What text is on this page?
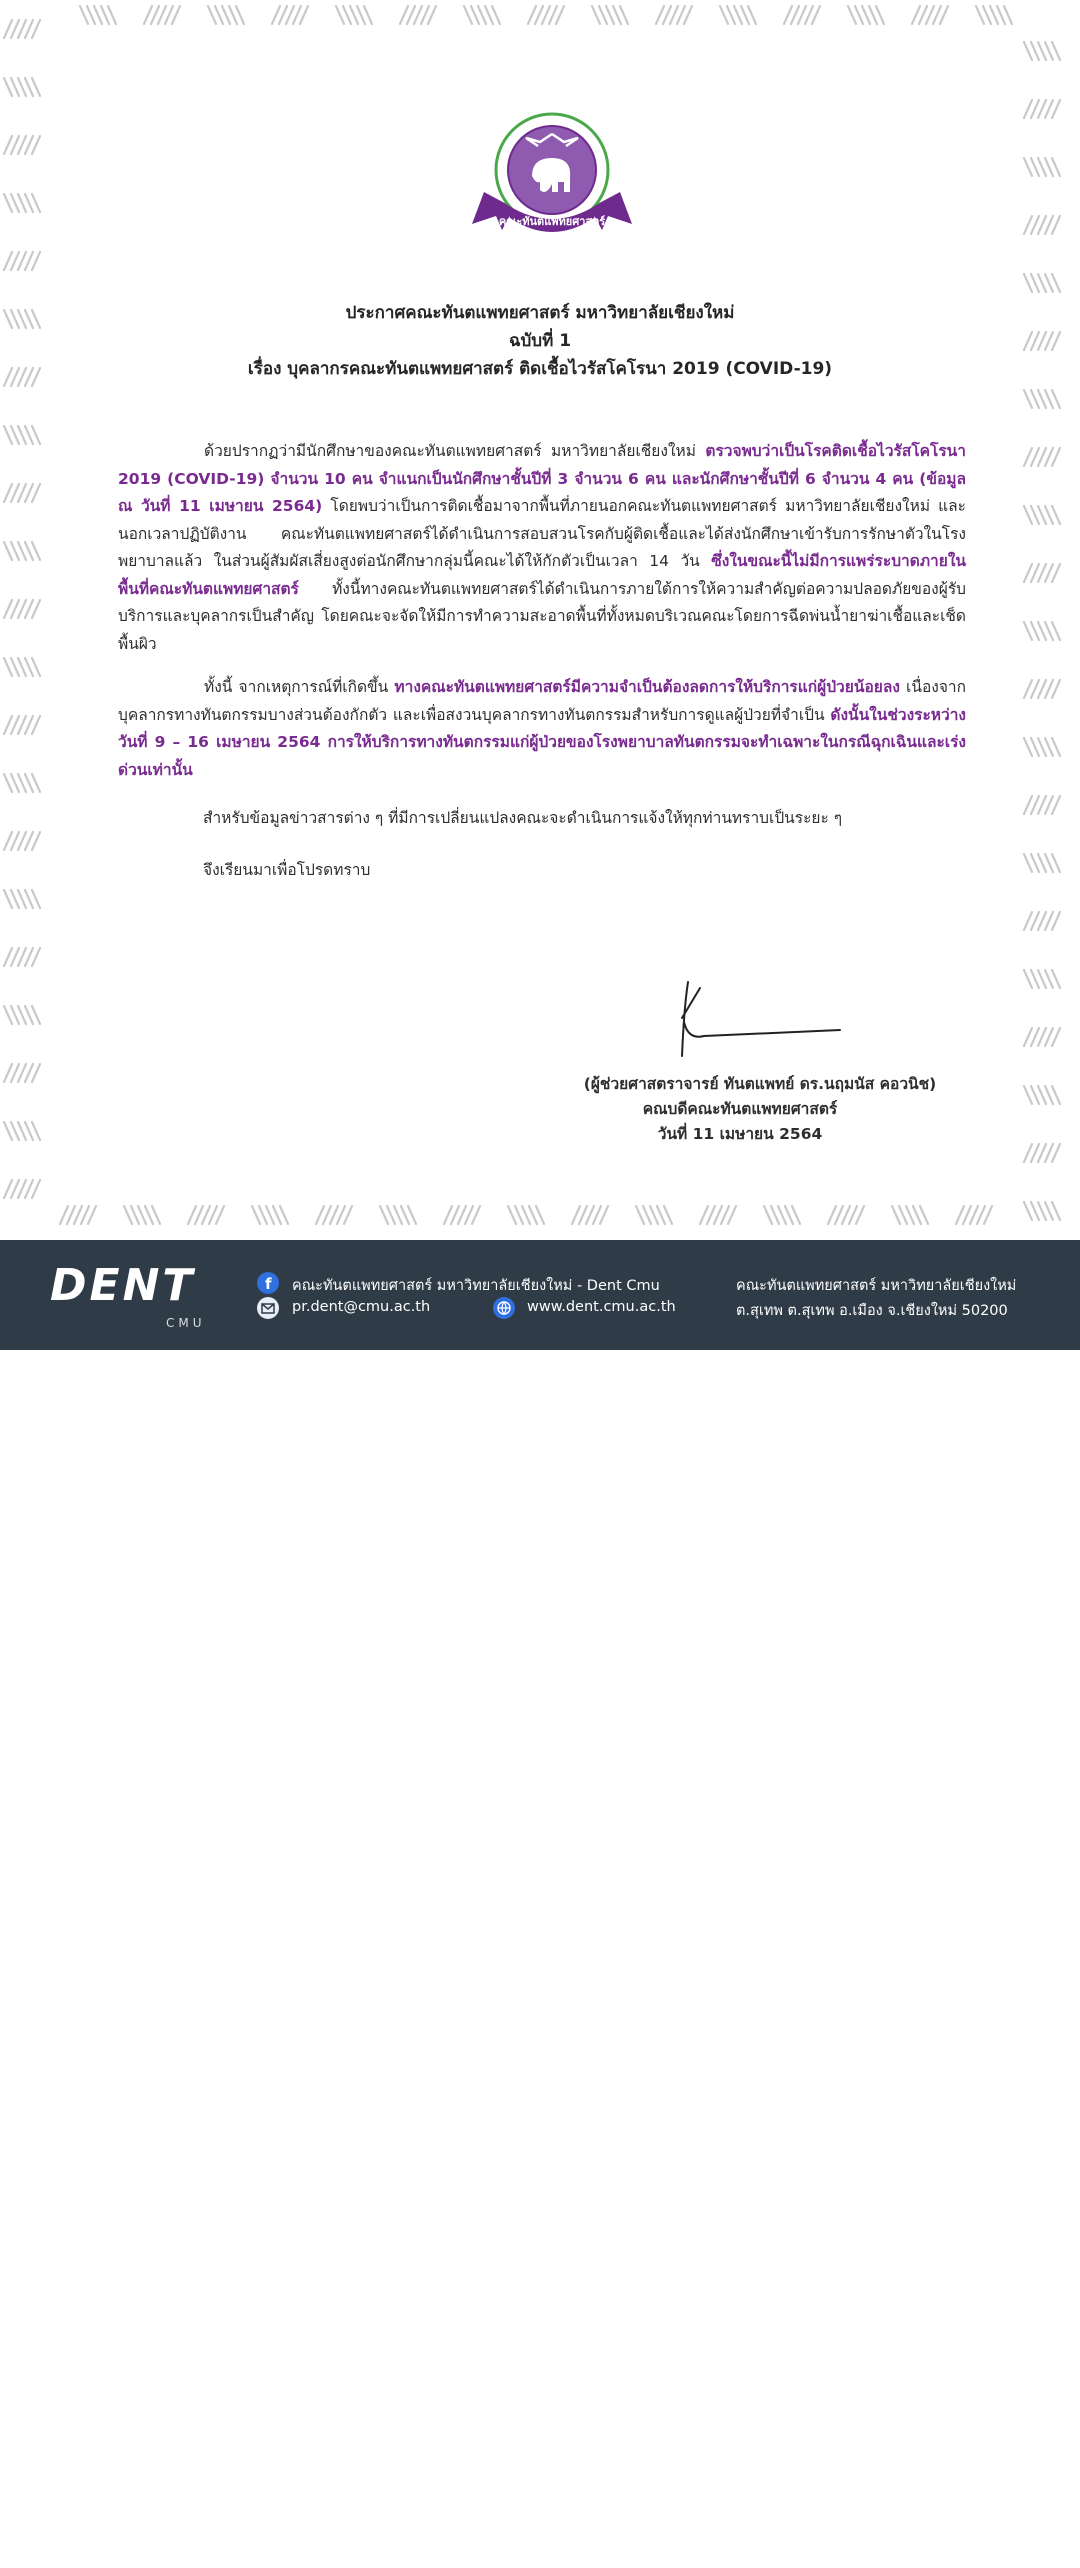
คณะทันตแพทยศาสตร์
ประกาศคณะทันตแพทยศาสตร์ มหาวิทยาลัยเชียงใหม่
ฉบับที่ 1
เรื่อง บุคลากรคณะทันตแพทยศาสตร์ ติดเชื้อไวรัสโคโรนา 2019 (COVID-19)
ด้วยปรากฏว่ามีนักศึกษาของคณะทันตแพทยศาสตร์ มหาวิทยาลัยเชียงใหม่ ตรวจพบว่าเป็นโรคติดเชื้อไวรัสโคโรนา 2019 (COVID-19) จำนวน 10 คน จำแนกเป็นนักศึกษาชั้นปีที่ 3 จำนวน 6 คน และนักศึกษาชั้นปีที่ 6 จำนวน 4 คน (ข้อมูล ณ วันที่ 11 เมษายน 2564) โดยพบว่าเป็นการติดเชื้อมาจากพื้นที่ภายนอกคณะทันตแพทยศาสตร์ มหาวิทยาลัยเชียงใหม่ และนอกเวลาปฏิบัติงาน คณะทันตแพทยศาสตร์ได้ดำเนินการสอบสวนโรคกับผู้ติดเชื้อและได้ส่งนักศึกษาเข้ารับการรักษาตัวในโรงพยาบาลแล้ว ในส่วนผู้สัมผัสเสี่ยงสูงต่อนักศึกษากลุ่มนี้คณะได้ให้กักตัวเป็นเวลา 14 วัน ซึ่งในขณะนี้ไม่มีการแพร่ระบาดภายในพื้นที่คณะทันตแพทยศาสตร์ ทั้งนี้ทางคณะทันตแพทยศาสตร์ได้ดำเนินการภายใต้การให้ความสำคัญต่อความปลอดภัยของผู้รับบริการและบุคลากรเป็นสำคัญ โดยคณะจะจัดให้มีการทำความสะอาดพื้นที่ทั้งหมดบริเวณคณะโดยการฉีดพ่นน้ำยาฆ่าเชื้อและเช็ดพื้นผิว
ทั้งนี้ จากเหตุการณ์ที่เกิดขึ้น ทางคณะทันตแพทยศาสตร์มีความจำเป็นต้องลดการให้บริการแก่ผู้ป่วยน้อยลง เนื่องจากบุคลากรทางทันตกรรมบางส่วนต้องกักตัว และเพื่อสงวนบุคลากรทางทันตกรรมสำหรับการดูแลผู้ป่วยที่จำเป็น ดังนั้นในช่วงระหว่างวันที่ 9 – 16 เมษายน 2564 การให้บริการทางทันตกรรมแก่ผู้ป่วยของโรงพยาบาลทันตกรรมจะทำเฉพาะในกรณีฉุกเฉินและเร่งด่วนเท่านั้น
สำหรับข้อมูลข่าวสารต่าง ๆ ที่มีการเปลี่ยนแปลงคณะจะดำเนินการแจ้งให้ทุกท่านทราบเป็นระยะ ๆ
จึงเรียนมาเพื่อโปรดทราบ
(ผู้ช่วยศาสตราจารย์ ทันตแพทย์ ดร.นฤมนัส คอวนิช)
คณบดีคณะทันตแพทยศาสตร์
วันที่ 11 เมษายน 2564
DENT
CMU
f คณะทันตแพทยศาสตร์ มหาวิทยาลัยเชียงใหม่ - Dent Cmu
pr.dent@cmu.ac.th	www.dent.cmu.ac.th
คณะทันตแพทยศาสตร์ มหาวิทยาลัยเชียงใหม่
ต.สุเทพ ต.สุเทพ อ.เมือง จ.เชียงใหม่ 50200
